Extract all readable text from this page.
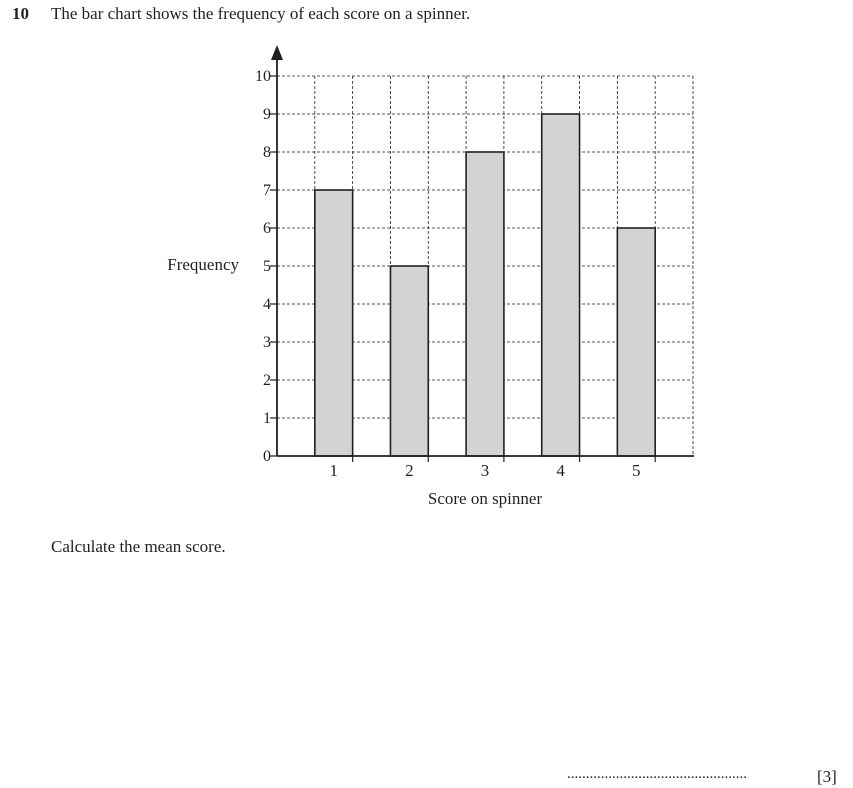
10 The bar chart shows the frequency of each score on a spinner.
0
1
2
3
4
5
6
7
8
9
10
1	2	3	4	5
Score on spinner
Frequency
Calculate the mean score.
................................................	[3]
